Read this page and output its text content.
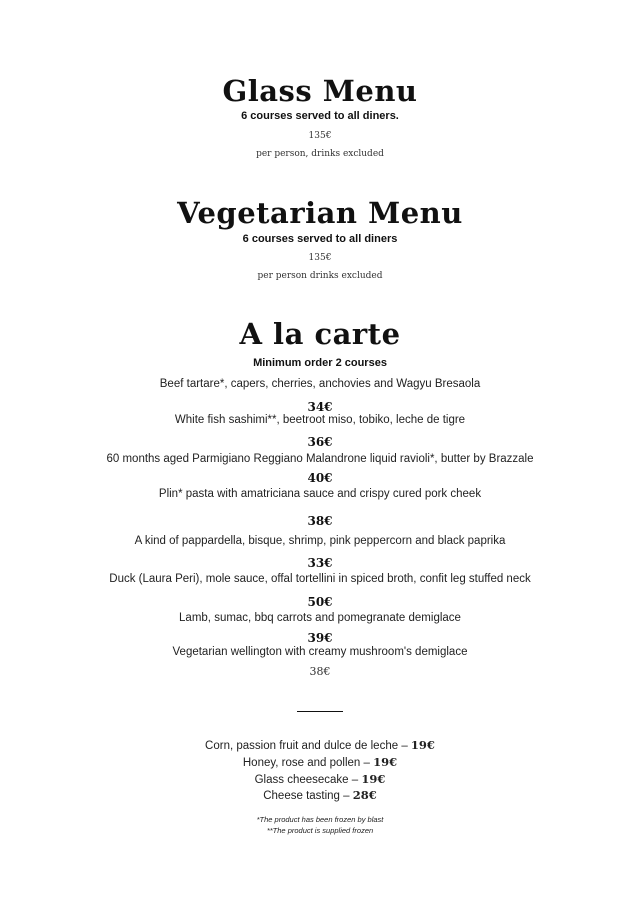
Glass Menu
6 courses served to all diners.
135€
per person, drinks excluded
Vegetarian Menu
6 courses served to all diners
135€
per person drinks excluded
A la carte
Minimum order 2 courses
Beef tartare*, capers, cherries, anchovies and Wagyu Bresaola
34€
White fish sashimi**, beetroot miso, tobiko, leche de tigre
36€
60 months aged Parmigiano Reggiano Malandrone liquid ravioli*, butter by Brazzale
40€
Plin* pasta with amatriciana sauce and crispy cured pork cheek
38€
A kind of pappardella, bisque, shrimp, pink peppercorn and black paprika
33€
Duck (Laura Peri), mole sauce, offal tortellini in spiced broth, confit leg stuffed neck
50€
Lamb, sumac, bbq carrots and pomegranate demiglace
39€
Vegetarian wellington with creamy mushroom's demiglace
38€
Corn, passion fruit and dulce de leche – 19€
Honey, rose and pollen – 19€
Glass cheesecake – 19€
Cheese tasting – 28€
*The product has been frozen by blast
**The product is supplied frozen
